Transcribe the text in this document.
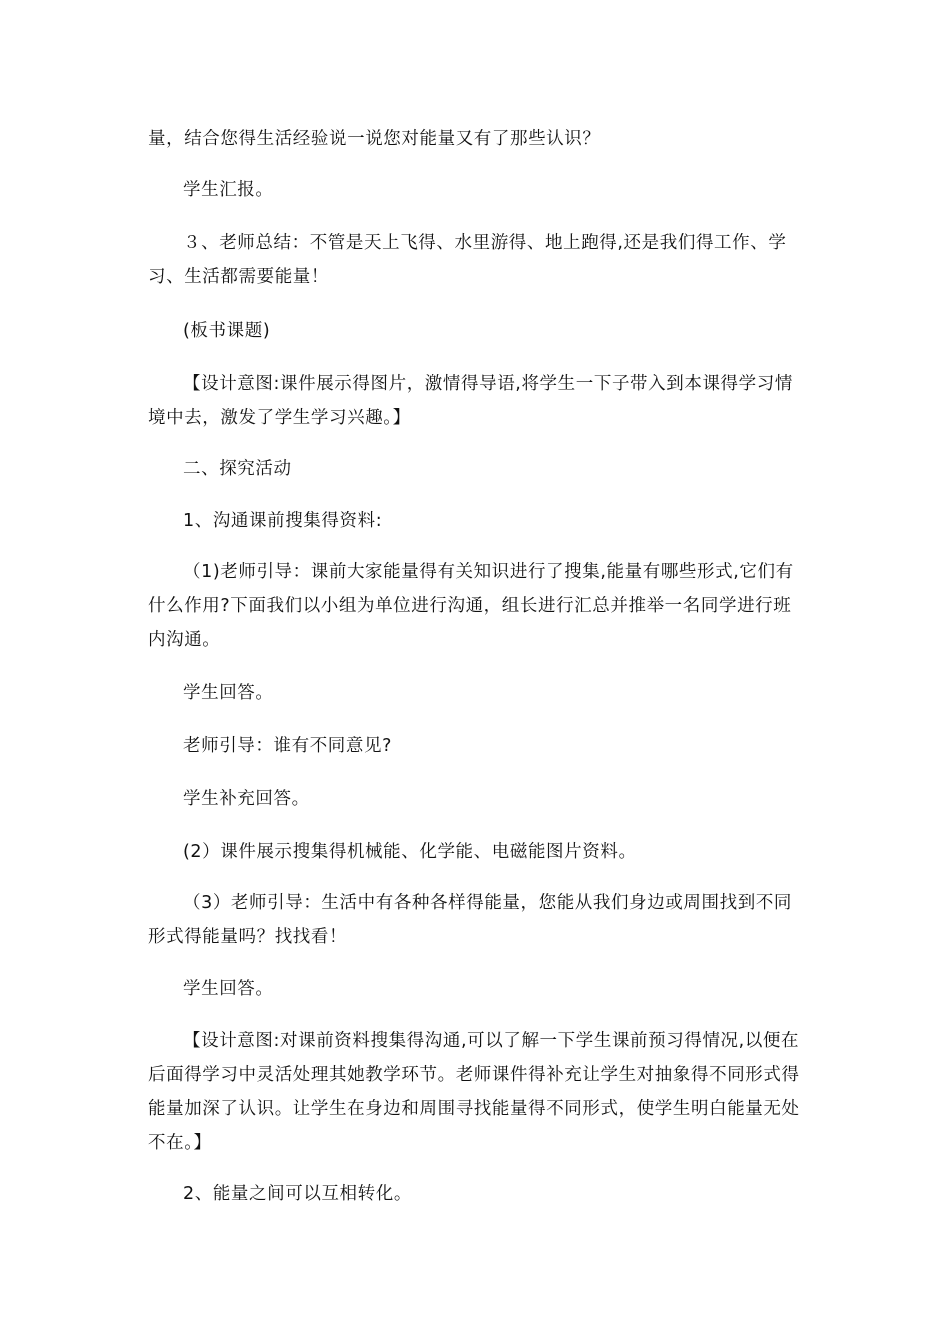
量，结合您得生活经验说一说您对能量又有了那些认识？

学生汇报。

３、老师总结：不管是天上飞得、水里游得、地上跑得,还是我们得工作、学习、生活都需要能量！

(板书课题)

【设计意图:课件展示得图片，激情得导语,将学生一下子带入到本课得学习情境中去，激发了学生学习兴趣。】

二、探究活动

1、沟通课前搜集得资料:

（1)老师引导：课前大家能量得有关知识进行了搜集,能量有哪些形式,它们有什么作用?下面我们以小组为单位进行沟通，组长进行汇总并推举一名同学进行班内沟通。

学生回答。

老师引导：谁有不同意见?

学生补充回答。

(2）课件展示搜集得机械能、化学能、电磁能图片资料。

（3）老师引导：生活中有各种各样得能量，您能从我们身边或周围找到不同形式得能量吗？找找看！

学生回答。

【设计意图:对课前资料搜集得沟通,可以了解一下学生课前预习得情况,以便在后面得学习中灵活处理其她教学环节。老师课件得补充让学生对抽象得不同形式得能量加深了认识。让学生在身边和周围寻找能量得不同形式，使学生明白能量无处不在。】

2、能量之间可以互相转化。
